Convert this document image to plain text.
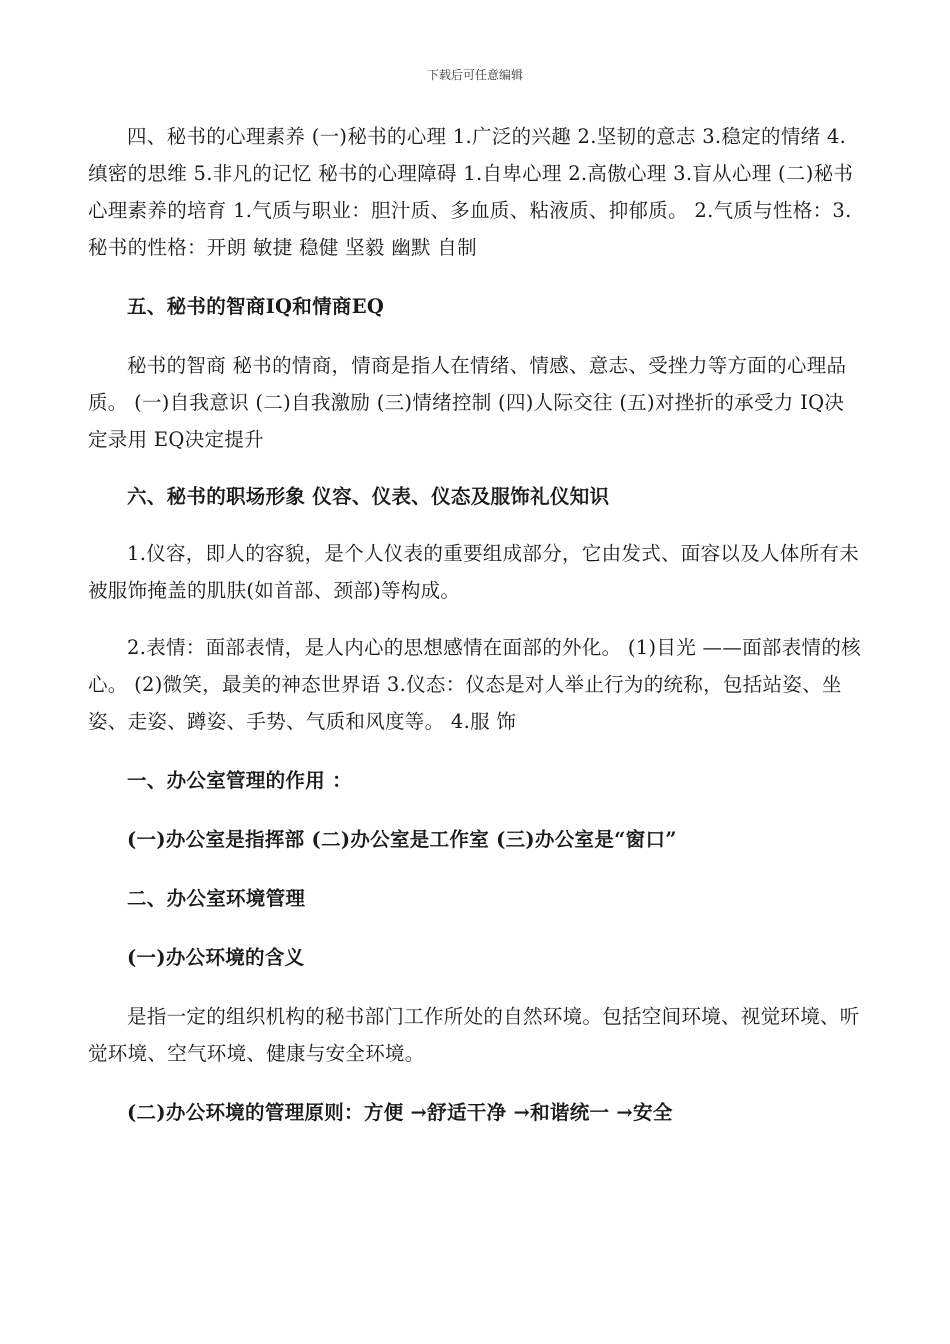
下载后可任意编辑

四、秘书的心理素养 (一)秘书的心理 1.广泛的兴趣 2.坚韧的意志 3.稳定的情绪 4.缜密的思维 5.非凡的记忆 秘书的心理障碍 1.自卑心理 2.高傲心理 3.盲从心理 (二)秘书心理素养的培育 1.气质与职业：胆汁质、多血质、粘液质、抑郁质。 2.气质与性格：3.秘书的性格：开朗 敏捷 稳健 坚毅 幽默 自制

五、秘书的智商IQ和情商EQ

秘书的智商 秘书的情商，情商是指人在情绪、情感、意志、受挫力等方面的心理品质。 (一)自我意识 (二)自我激励 (三)情绪控制 (四)人际交往 (五)对挫折的承受力 IQ决定录用 EQ决定提升

六、秘书的职场形象 仪容、仪表、仪态及服饰礼仪知识

1.仪容，即人的容貌，是个人仪表的重要组成部分，它由发式、面容以及人体所有未被服饰掩盖的肌肤(如首部、颈部)等构成。

2.表情：面部表情，是人内心的思想感情在面部的外化。 (1)目光 ——面部表情的核心。 (2)微笑，最美的神态世界语 3.仪态：仪态是对人举止行为的统称，包括站姿、坐姿、走姿、蹲姿、手势、气质和风度等。 4.服 饰

一、办公室管理的作用 ：

(一)办公室是指挥部 (二)办公室是工作室 (三)办公室是“窗口”

二、办公室环境管理

(一)办公环境的含义

是指一定的组织机构的秘书部门工作所处的自然环境。包括空间环境、视觉环境、听觉环境、空气环境、健康与安全环境。

(二)办公环境的管理原则：方便 →舒适干净 →和谐统一 →安全
